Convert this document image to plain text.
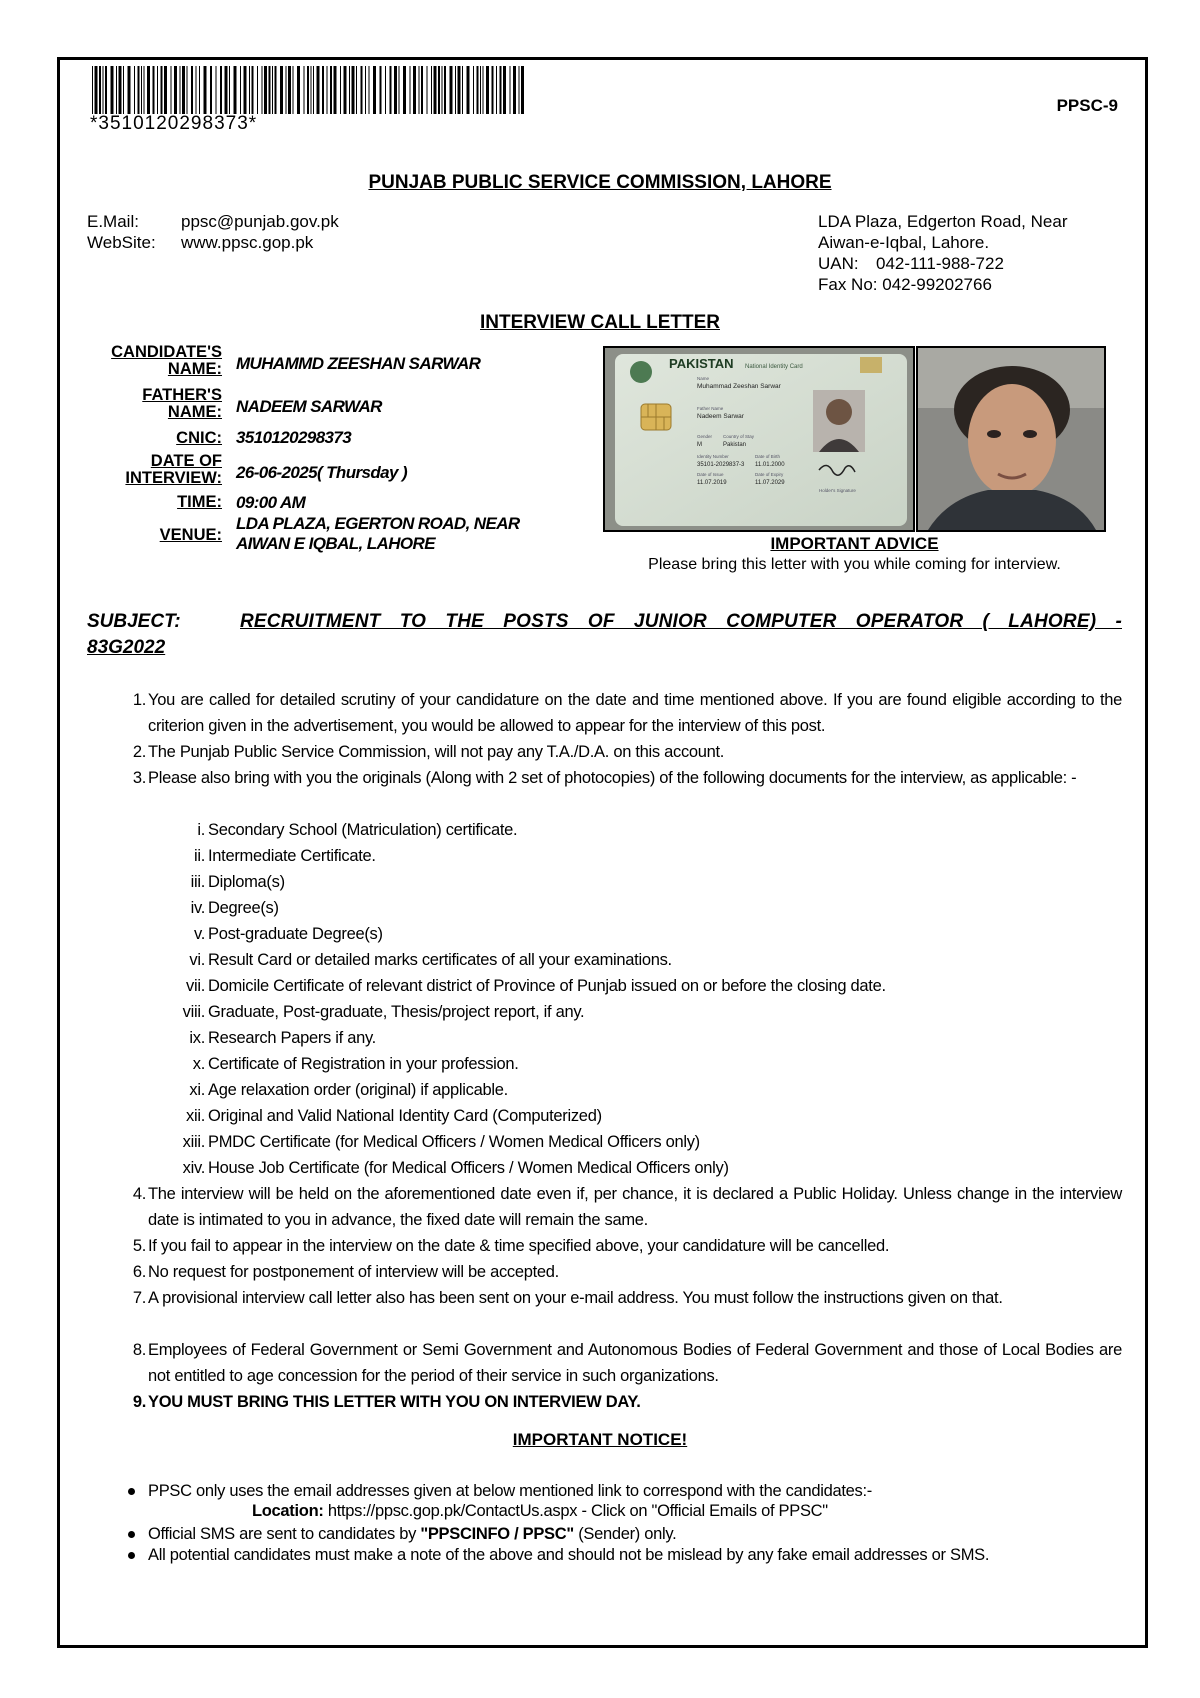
*3510120298373*
PPSC-9
PUNJAB PUBLIC SERVICE COMMISSION, LAHORE
E.Mail: ppsc@punjab.gov.pk
WebSite: www.ppsc.gop.pk
LDA Plaza, Edgerton Road, Near
Aiwan-e-Iqbal, Lahore.
UAN: 042-111-988-722
Fax No: 042-99202766
INTERVIEW CALL LETTER
CANDIDATE'S
NAME: MUHAMMD ZEESHAN SARWAR
FATHER'S
NAME: NADEEM SARWAR
CNIC: 3510120298373
DATE OF
INTERVIEW: 26-06-2025( Thursday )
TIME: 09:00 AM
VENUE:
LDA PLAZA, EGERTON ROAD, NEAR
AIWAN E IQBAL, LAHORE
PAKISTAN National Identity Card
Name
Muhammad Zeeshan Sarwar
Father Name
Nadeem Sarwar
Gender
M
Country of Stay
Pakistan
Identity Number
35101-2029837-3
Date of Birth
11.01.2000
Date of Issue
11.07.2019
Date of Expiry
11.07.2029
Holder's Signature
IMPORTANT ADVICE
Please bring this letter with you while coming for interview.
SUBJECT:	RECRUITMENT TO THE POSTS OF JUNIOR COMPUTER OPERATOR ( LAHORE) -
83G2022
1. You are called for detailed scrutiny of your candidature on the date and time mentioned above. If you are found eligible according to the criterion given in the advertisement, you would be allowed to appear for the interview of this post.
2. The Punjab Public Service Commission, will not pay any T.A./D.A. on this account.
3. Please also bring with you the originals (Along with 2 set of photocopies) of the following documents for the interview, as applicable: -
i. Secondary School (Matriculation) certificate.
ii. Intermediate Certificate.
iii. Diploma(s)
iv. Degree(s)
v. Post-graduate Degree(s)
vi. Result Card or detailed marks certificates of all your examinations.
vii. Domicile Certificate of relevant district of Province of Punjab issued on or before the closing date.
viii. Graduate, Post-graduate, Thesis/project report, if any.
ix. Research Papers if any.
x. Certificate of Registration in your profession.
xi. Age relaxation order (original) if applicable.
xii. Original and Valid National Identity Card (Computerized)
xiii. PMDC Certificate (for Medical Officers / Women Medical Officers only)
xiv. House Job Certificate (for Medical Officers / Women Medical Officers only)
4. The interview will be held on the aforementioned date even if, per chance, it is declared a Public Holiday. Unless change in the interview date is intimated to you in advance, the fixed date will remain the same.
5. If you fail to appear in the interview on the date & time specified above, your candidature will be cancelled.
6. No request for postponement of interview will be accepted.
7. A provisional interview call letter also has been sent on your e-mail address. You must follow the instructions given on that.
8. Employees of Federal Government or Semi Government and Autonomous Bodies of Federal Government and those of Local Bodies are not entitled to age concession for the period of their service in such organizations.
9. YOU MUST BRING THIS LETTER WITH YOU ON INTERVIEW DAY.
IMPORTANT NOTICE!
PPSC only uses the email addresses given at below mentioned link to correspond with the candidates:-
Location: https://ppsc.gop.pk/ContactUs.aspx - Click on "Official Emails of PPSC"
Official SMS are sent to candidates by "PPSCINFO / PPSC" (Sender) only.
All potential candidates must make a note of the above and should not be mislead by any fake email addresses or SMS.
